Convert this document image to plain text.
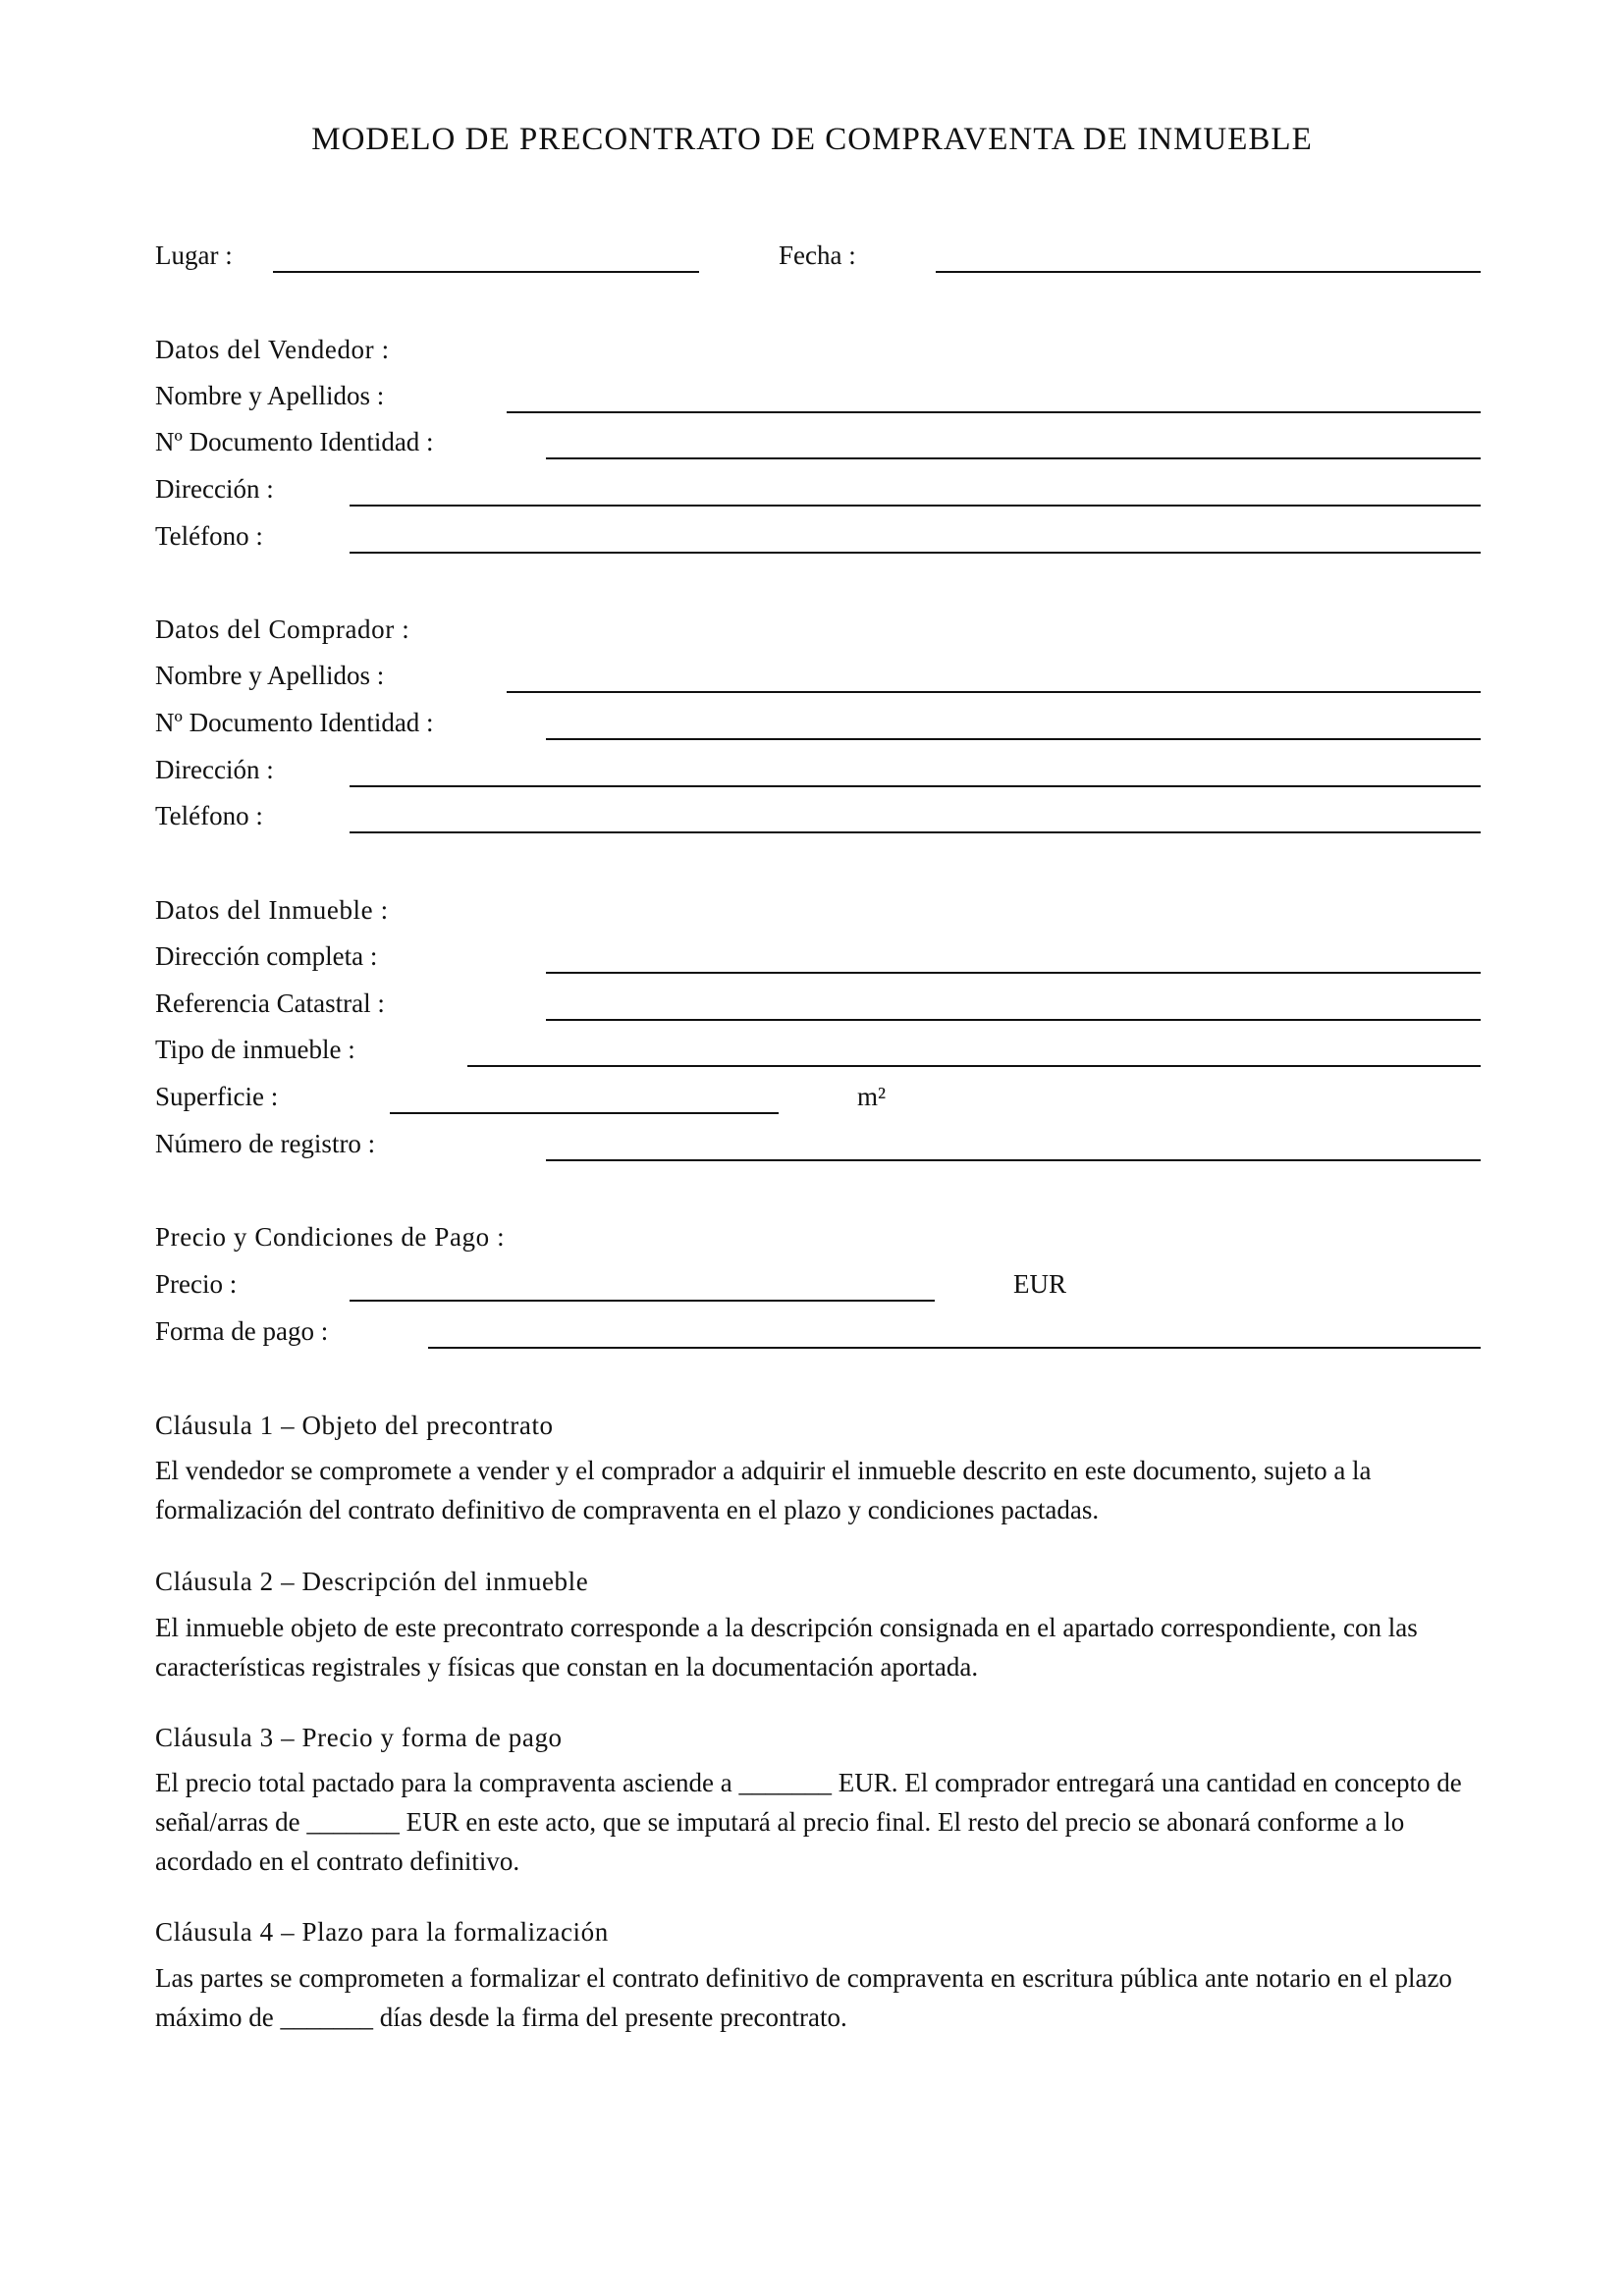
MODELO DE PRECONTRATO DE COMPRAVENTA DE INMUEBLE
Lugar :	Fecha :
Datos del Vendedor :
Nombre y Apellidos :
Nº Documento Identidad :
Dirección :
Teléfono :
Datos del Comprador :
Nombre y Apellidos :
Nº Documento Identidad :
Dirección :
Teléfono :
Datos del Inmueble :
Dirección completa :
Referencia Catastral :
Tipo de inmueble :
Superficie :	m²
Número de registro :
Precio y Condiciones de Pago :
Precio :	EUR
Forma de pago :
Cláusula 1 – Objeto del precontrato

El vendedor se compromete a vender y el comprador a adquirir el inmueble descrito en este documento, sujeto a la formalización del contrato definitivo de compraventa en el plazo y condiciones pactadas.

Cláusula 2 – Descripción del inmueble

El inmueble objeto de este precontrato corresponde a la descripción consignada en el apartado correspondiente, con las características registrales y físicas que constan en la documentación aportada.

Cláusula 3 – Precio y forma de pago

El precio total pactado para la compraventa asciende a _______ EUR. El comprador entregará una cantidad en concepto de señal/arras de _______ EUR en este acto, que se imputará al precio final. El resto del precio se abonará conforme a lo acordado en el contrato definitivo.

Cláusula 4 – Plazo para la formalización

Las partes se comprometen a formalizar el contrato definitivo de compraventa en escritura pública ante notario en el plazo máximo de _______ días desde la firma del presente precontrato.
